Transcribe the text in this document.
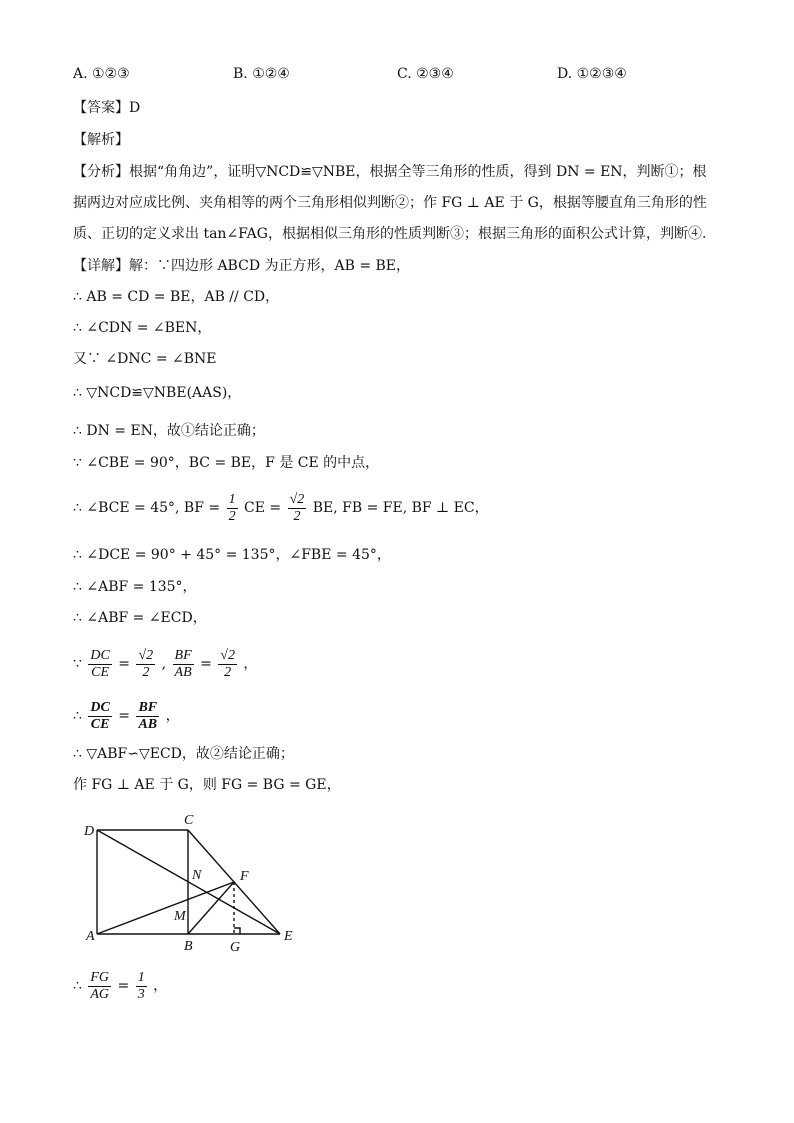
A. ①②③	B. ①②④	C. ②③④	D. ①②③④
【答案】D
【解析】
【分析】根据“角角边”，证明▽NCD≌▽NBE，根据全等三角形的性质，得到 DN = EN，判断①；根
据两边对应成比例、夹角相等的两个三角形相似判断②；作 FG ⊥ AE 于 G，根据等腰直角三角形的性
质、正切的定义求出 tan∠FAG，根据相似三角形的性质判断③；根据三角形的面积公式计算，判断④.
【详解】解：∵四边形 ABCD 为正方形，AB = BE，
∴ AB = CD = BE，AB // CD，
∴ ∠CDN = ∠BEN，
又∵ ∠DNC = ∠BNE
∴ ▽NCD≌▽NBE(AAS)，
∴ DN = EN，故①结论正确；
∵ ∠CBE = 90°，BC = BE，F 是 CE 的中点，
∴ ∠BCE = 45°, BF = $\frac{1}{2}$ CE = $\frac{√2}{2}$ BE, FB = FE, BF ⊥ EC，
∴ ∠DCE = 90° + 45° = 135°，∠FBE = 45°，
∴ ∠ABF = 135°，
∴ ∠ABF = ∠ECD，
∵ $\frac{DC}{CE} = \frac{√2}{2}$ , $\frac{BF}{AB} = \frac{√2}{2}$ ，
∴ $\frac{DC}{CE} = \frac{BF}{AB}$ ，
∴ ▽ABF∽▽ECD，故②结论正确；
作 FG ⊥ AE 于 G，则 FG = BG = GE，
D
C
N	F
M
A
B	G
E
∴ $\frac{FG}{AG} = \frac{1}{3}$ ，
